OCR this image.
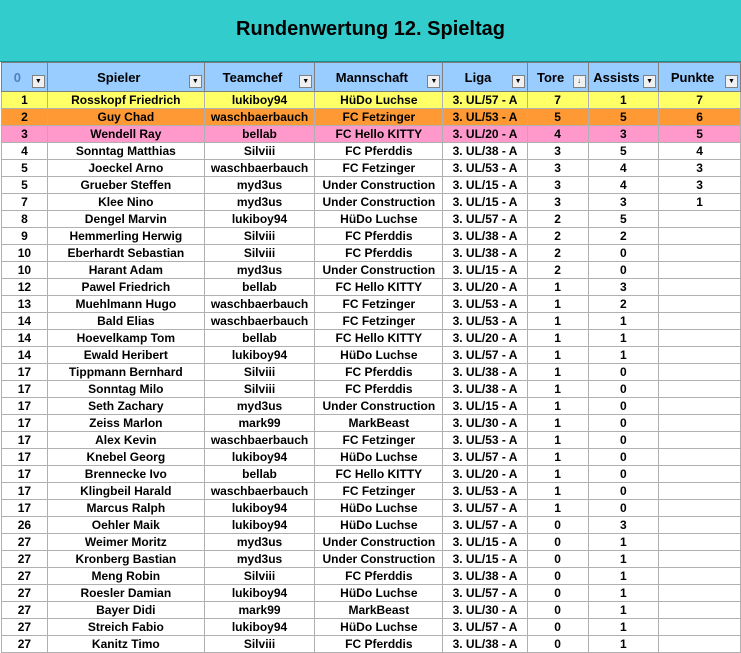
Rundenwertung 12. Spieltag
0 ▼	Spieler ▼	Teamchef ▼	Mannschaft ▼	Liga ▼	Tore ↓	Assists ▼	Punkte ▼

1	Rosskopf Friedrich	lukiboy94	HüDo Luchse	3. UL/57 - A	7	1	7
2	Guy Chad	waschbaerbauch	FC Fetzinger	3. UL/53 - A	5	5	6
3	Wendell Ray	bellab	FC Hello KITTY	3. UL/20 - A	4	3	5
4	Sonntag Matthias	Silviii	FC Pferddis	3. UL/38 - A	3	5	4
5	Joeckel Arno	waschbaerbauch	FC Fetzinger	3. UL/53 - A	3	4	3
5	Grueber Steffen	myd3us	Under Construction	3. UL/15 - A	3	4	3
7	Klee Nino	myd3us	Under Construction	3. UL/15 - A	3	3	1
8	Dengel Marvin	lukiboy94	HüDo Luchse	3. UL/57 - A	2	5	
9	Hemmerling Herwig	Silviii	FC Pferddis	3. UL/38 - A	2	2	
10	Eberhardt Sebastian	Silviii	FC Pferddis	3. UL/38 - A	2	0	
10	Harant Adam	myd3us	Under Construction	3. UL/15 - A	2	0	
12	Pawel Friedrich	bellab	FC Hello KITTY	3. UL/20 - A	1	3	
13	Muehlmann Hugo	waschbaerbauch	FC Fetzinger	3. UL/53 - A	1	2	
14	Bald Elias	waschbaerbauch	FC Fetzinger	3. UL/53 - A	1	1	
14	Hoevelkamp Tom	bellab	FC Hello KITTY	3. UL/20 - A	1	1	
14	Ewald Heribert	lukiboy94	HüDo Luchse	3. UL/57 - A	1	1	
17	Tippmann Bernhard	Silviii	FC Pferddis	3. UL/38 - A	1	0	
17	Sonntag Milo	Silviii	FC Pferddis	3. UL/38 - A	1	0	
17	Seth Zachary	myd3us	Under Construction	3. UL/15 - A	1	0	
17	Zeiss Marlon	mark99	MarkBeast	3. UL/30 - A	1	0	
17	Alex Kevin	waschbaerbauch	FC Fetzinger	3. UL/53 - A	1	0	
17	Knebel Georg	lukiboy94	HüDo Luchse	3. UL/57 - A	1	0	
17	Brennecke Ivo	bellab	FC Hello KITTY	3. UL/20 - A	1	0	
17	Klingbeil Harald	waschbaerbauch	FC Fetzinger	3. UL/53 - A	1	0	
17	Marcus Ralph	lukiboy94	HüDo Luchse	3. UL/57 - A	1	0	
26	Oehler Maik	lukiboy94	HüDo Luchse	3. UL/57 - A	0	3	
27	Weimer Moritz	myd3us	Under Construction	3. UL/15 - A	0	1	
27	Kronberg Bastian	myd3us	Under Construction	3. UL/15 - A	0	1	
27	Meng Robin	Silviii	FC Pferddis	3. UL/38 - A	0	1	
27	Roesler Damian	lukiboy94	HüDo Luchse	3. UL/57 - A	0	1	
27	Bayer Didi	mark99	MarkBeast	3. UL/30 - A	0	1	
27	Streich Fabio	lukiboy94	HüDo Luchse	3. UL/57 - A	0	1	
27	Kanitz Timo	Silviii	FC Pferddis	3. UL/38 - A	0	1	
